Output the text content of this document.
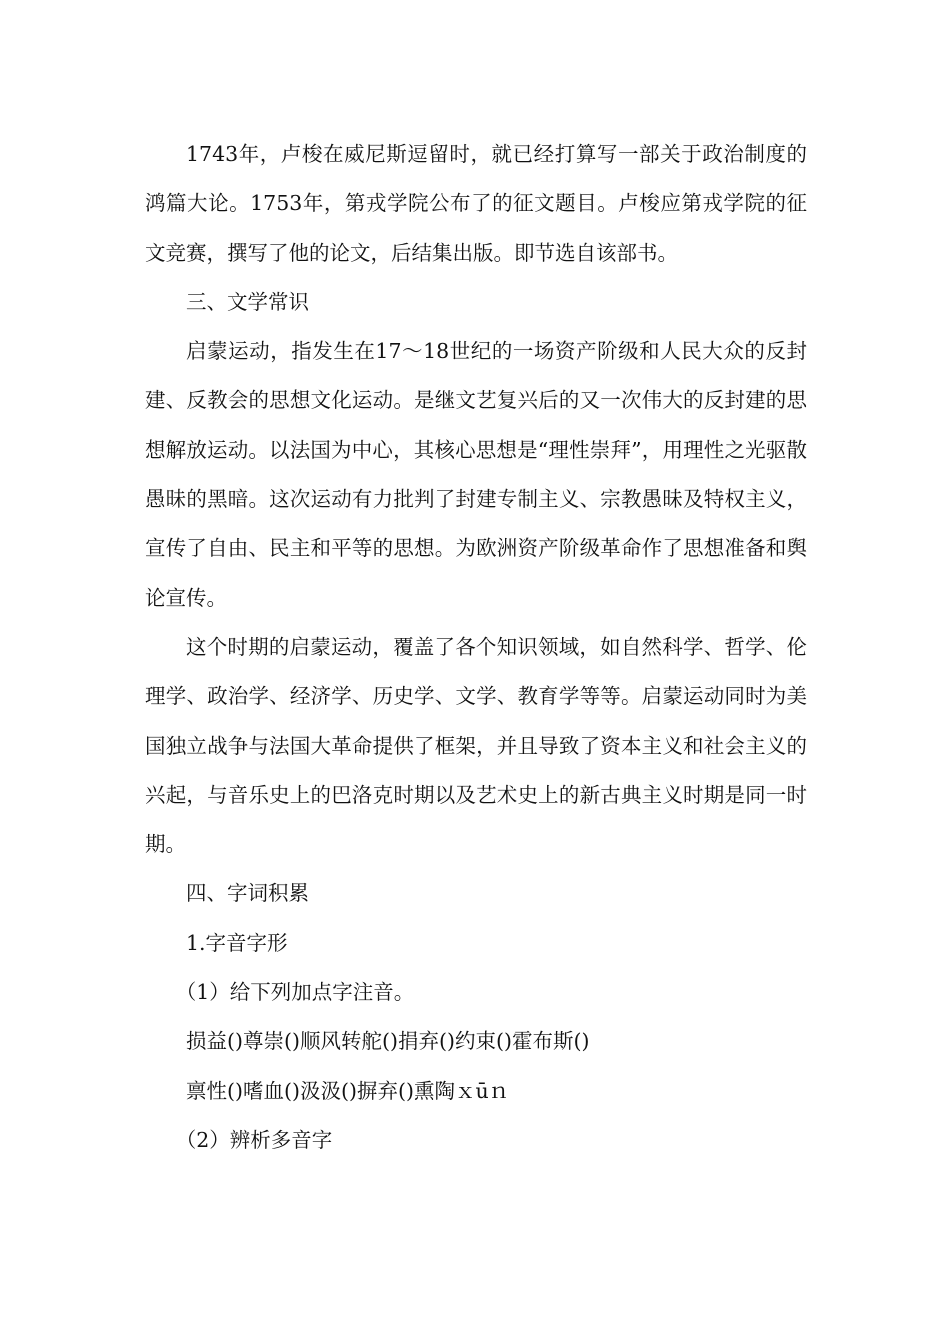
1743年，卢梭在威尼斯逗留时，就已经打算写一部关于政治制度的鸿篇大论。1753年，第戎学院公布了的征文题目。卢梭应第戎学院的征文竞赛，撰写了他的论文，后结集出版。即节选自该部书。

三、文学常识

启蒙运动，指发生在17～18世纪的一场资产阶级和人民大众的反封建、反教会的思想文化运动。是继文艺复兴后的又一次伟大的反封建的思想解放运动。以法国为中心，其核心思想是“理性崇拜”，用理性之光驱散愚昧的黑暗。这次运动有力批判了封建专制主义、宗教愚昧及特权主义，宣传了自由、民主和平等的思想。为欧洲资产阶级革命作了思想准备和舆论宣传。

这个时期的启蒙运动，覆盖了各个知识领域，如自然科学、哲学、伦理学、政治学、经济学、历史学、文学、教育学等等。启蒙运动同时为美国独立战争与法国大革命提供了框架，并且导致了资本主义和社会主义的兴起，与音乐史上的巴洛克时期以及艺术史上的新古典主义时期是同一时期。

四、字词积累

1.字音字形

（1）给下列加点字注音。

损益()尊崇()顺风转舵()捐弃()约束()霍布斯()

禀性()嗜血()汲汲()摒弃()熏陶ｘūｎ

（2）辨析多音字
